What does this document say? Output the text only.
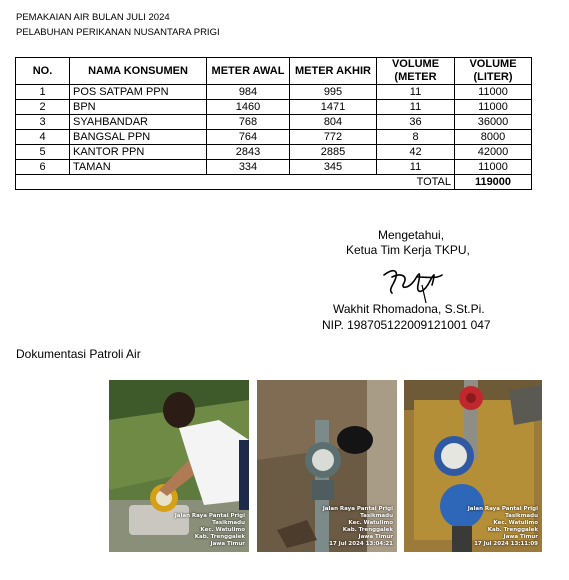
PEMAKAIAN AIR BULAN JULI 2024
PELABUHAN PERIKANAN NUSANTARA PRIGI
NO.	NAMA KONSUMEN	METER AWAL	METER AKHIR	VOLUME (METER	VOLUME (LITER)
1	POS SATPAM PPN	984	995	11	11000
2	BPN	1460	1471	11	11000
3	SYAHBANDAR	768	804	36	36000
4	BANGSAL PPN	764	772	8	8000
5	KANTOR PPN	2843	2885	42	42000
6	TAMAN	334	345	11	11000
				TOTAL	119000
Mengetahui,
Ketua Tim Kerja TKPU,
Wakhit Rhomadona, S.St.Pi.
NIP. 198705122009121001 047
Dokumentasi Patroli Air
Jalan Raya Pantai Prigi
Tasikmadu
Kec. Watulimo
Kab. Trenggalek
Jawa Timur
Jalan Raya Pantai Prigi
Tasikmadu
Kec. Watulimo
Kab. Trenggalek
Jawa Timur
17 Jul 2024 13:04:21
Jalan Raya Pantai Prigi
Tasikmadu
Kec. Watulimo
Kab. Trenggalek
Jawa Timur
17 Jul 2024 13:11:09
